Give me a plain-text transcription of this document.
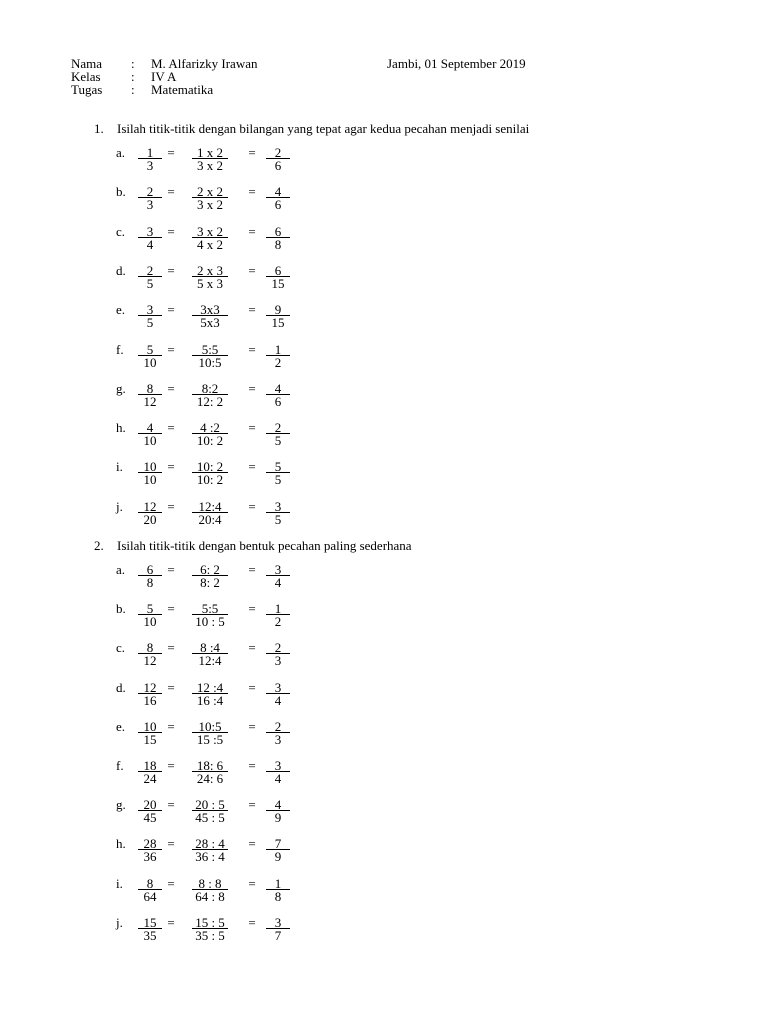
Nama : M. Alfarizky Irawan
Kelas : IV A
Tugas : Matematika
Jambi, 01 September 2019
1. Isilah titik-titik dengan bilangan yang tepat agar kedua pecahan menjadi senilai
a.	1
3
=	1 x 2
3 x 2
=	2
6
b.	2
3
=	2 x 2
3 x 2
=	4
6
c.	3
4
=	3 x 2
4 x 2
=	6
8
d.	2
5
=	2 x 3
5 x 3
=	6
15
e.	3
5
=	3x3
5x3
=	9
15
f.	5
10
=	5:5
10:5
=	1
2
g.	8
12
=	8:2
12: 2
=	4
6
h.	4
10
=	4 :2
10: 2
=	2
5
i.	10
10
=	10: 2
10: 2
=	5
5
j.	12
20
=	12:4
20:4
=	3
5
2. Isilah titik-titik dengan bentuk pecahan paling sederhana
a.	6
8
=	6: 2
8: 2
=	3
4
b.	5
10
=	5:5
10 : 5
=	1
2
c.	8
12
=	8 :4
12:4
=	2
3
d.	12
16
=	12 :4
16 :4
=	3
4
e.	10
15
=	10:5
15 :5
=	2
3
f.	18
24
=	18: 6
24: 6
=	3
4
g.	20
45
= 20 : 5
45 : 5
=	4
9
h.	28
36
= 28 : 4
36 : 4
=	7
9
i.	8
64
=	8 : 8
64 : 8
=	1
8
j.	15
35
= 15 : 5
35 : 5
=	3
7
